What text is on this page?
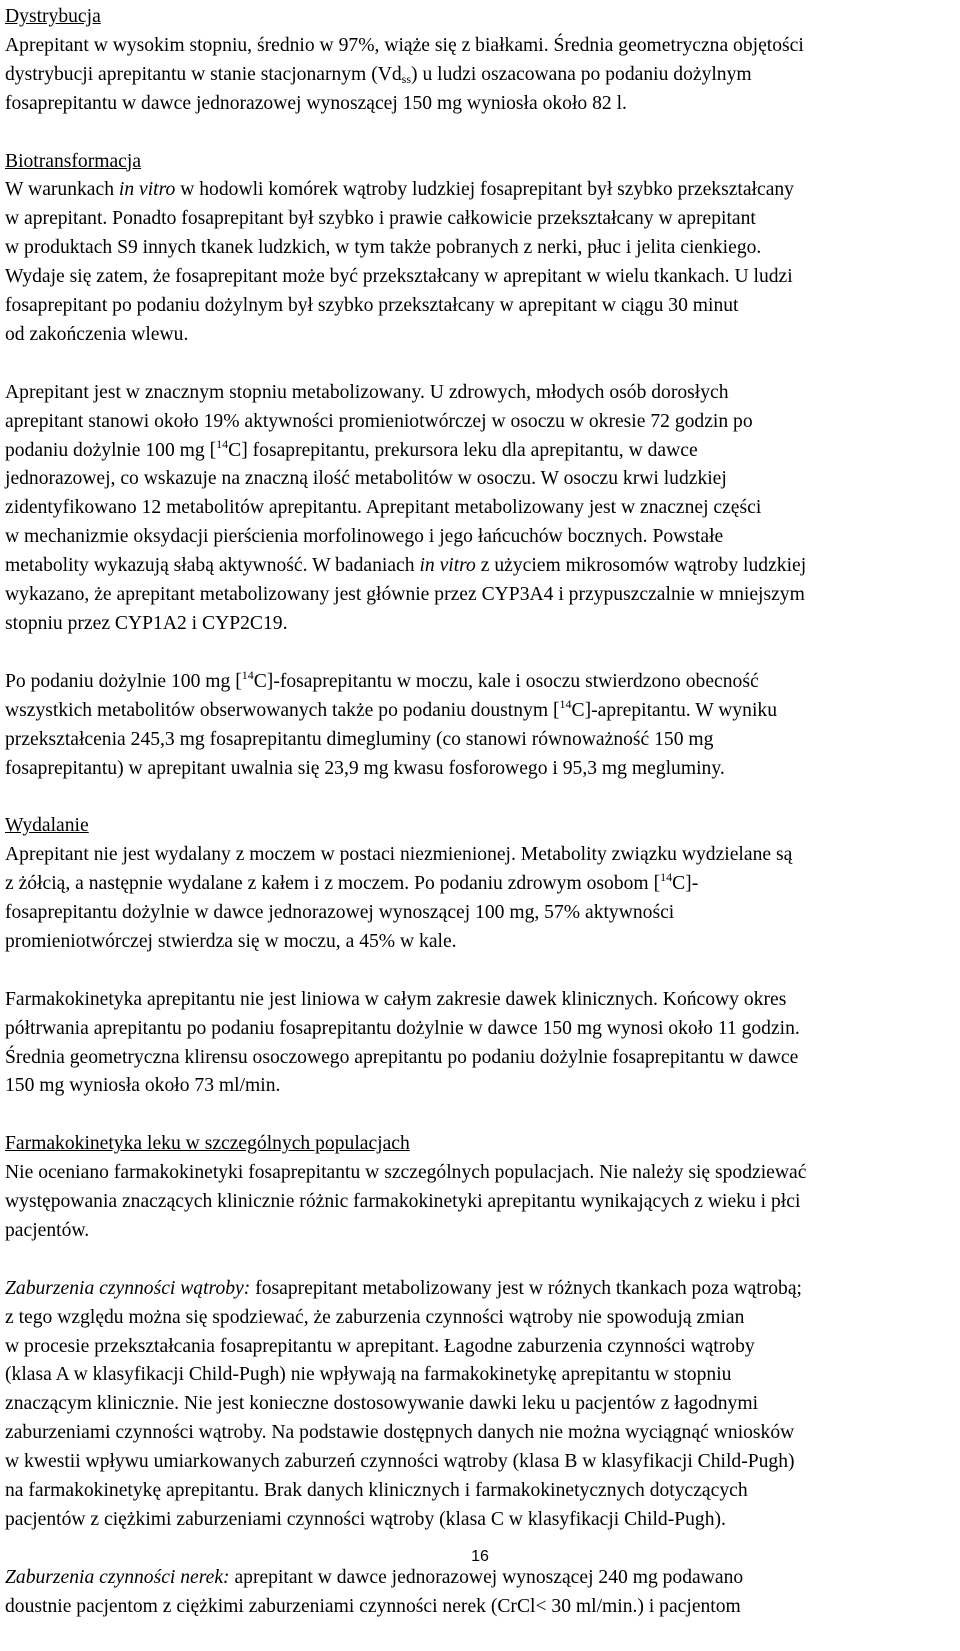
Dystrybucja
Aprepitant w wysokim stopniu, średnio w 97%, wiąże się z białkami. Średnia geometryczna objętości
dystrybucji aprepitantu w stanie stacjonarnym $(Vd_{ss})$ u ludzi oszacowana po podaniu dożylnym
fosaprepitantu w dawce jednorazowej wynoszącej 150 mg wyniosła około 82 l.
Biotransformacja
W warunkach in vitro w hodowli komórek wątroby ludzkiej fosaprepitant był szybko przekształcany
w aprepitant. Ponadto fosaprepitant był szybko i prawie całkowicie przekształcany w aprepitant
w produktach S9 innych tkanek ludzkich, w tym także pobranych z nerki, płuc i jelita cienkiego.
Wydaje się zatem, że fosaprepitant może być przekształcany w aprepitant w wielu tkankach. U ludzi
fosaprepitant po podaniu dożylnym był szybko przekształcany w aprepitant w ciągu 30 minut
od zakończenia wlewu.
Aprepitant jest w znacznym stopniu metabolizowany. U zdrowych, młodych osób dorosłych
aprepitant stanowi około 19% aktywności promieniotwórczej w osoczu w okresie 72 godzin po
podaniu dożylnie 100 mg [$^{14}$C] fosaprepitantu, prekursora leku dla aprepitantu, w dawce
jednorazowej, co wskazuje na znaczną ilość metabolitów w osoczu. W osoczu krwi ludzkiej
zidentyfikowano 12 metabolitów aprepitantu. Aprepitant metabolizowany jest w znacznej części
w mechanizmie oksydacji pierścienia morfolinowego i jego łańcuchów bocznych. Powstałe
metabolity wykazują słabą aktywność. W badaniach in vitro z użyciem mikrosomów wątroby ludzkiej
wykazano, że aprepitant metabolizowany jest głównie przez CYP3A4 i przypuszczalnie w mniejszym
stopniu przez CYP1A2 i CYP2C19.
Po podaniu dożylnie 100 mg [$^{14}$C]-fosaprepitantu w moczu, kale i osoczu stwierdzono obecność
wszystkich metabolitów obserwowanych także po podaniu doustnym [$^{14}$C]-aprepitantu. W wyniku
przekształcenia 245,3 mg fosaprepitantu dimegluminy (co stanowi równoważność 150 mg
fosaprepitantu) w aprepitant uwalnia się 23,9 mg kwasu fosforowego i 95,3 mg megluminy.
Wydalanie
Aprepitant nie jest wydalany z moczem w postaci niezmienionej. Metabolity związku wydzielane są
z żółcią, a następnie wydalane z kałem i z moczem. Po podaniu zdrowym osobom [$^{14}$C]-
fosaprepitantu dożylnie w dawce jednorazowej wynoszącej 100 mg, 57% aktywności
promieniotwórczej stwierdza się w moczu, a 45% w kale.
Farmakokinetyka aprepitantu nie jest liniowa w całym zakresie dawek klinicznych. Końcowy okres
półtrwania aprepitantu po podaniu fosaprepitantu dożylnie w dawce 150 mg wynosi około 11 godzin.
Średnia geometryczna klirensu osoczowego aprepitantu po podaniu dożylnie fosaprepitantu w dawce
150 mg wyniosła około 73 ml/min.
Farmakokinetyka leku w szczególnych populacjach
Nie oceniano farmakokinetyki fosaprepitantu w szczególnych populacjach. Nie należy się spodziewać
występowania znaczących klinicznie różnic farmakokinetyki aprepitantu wynikających z wieku i płci
pacjentów.
Zaburzenia czynności wątroby: fosaprepitant metabolizowany jest w różnych tkankach poza wątrobą;
z tego względu można się spodziewać, że zaburzenia czynności wątroby nie spowodują zmian
w procesie przekształcania fosaprepitantu w aprepitant. Łagodne zaburzenia czynności wątroby
(klasa A w klasyfikacji Child-Pugh) nie wpływają na farmakokinetykę aprepitantu w stopniu
znaczącym klinicznie. Nie jest konieczne dostosowywanie dawki leku u pacjentów z łagodnymi
zaburzeniami czynności wątroby. Na podstawie dostępnych danych nie można wyciągnąć wniosków
w kwestii wpływu umiarkowanych zaburzeń czynności wątroby (klasa B w klasyfikacji Child-Pugh)
na farmakokinetykę aprepitantu. Brak danych klinicznych i farmakokinetycznych dotyczących
pacjentów z ciężkimi zaburzeniami czynności wątroby (klasa C w klasyfikacji Child-Pugh).
Zaburzenia czynności nerek: aprepitant w dawce jednorazowej wynoszącej 240 mg podawano
doustnie pacjentom z ciężkimi zaburzeniami czynności nerek (CrCl< 30 ml/min.) i pacjentom
16
